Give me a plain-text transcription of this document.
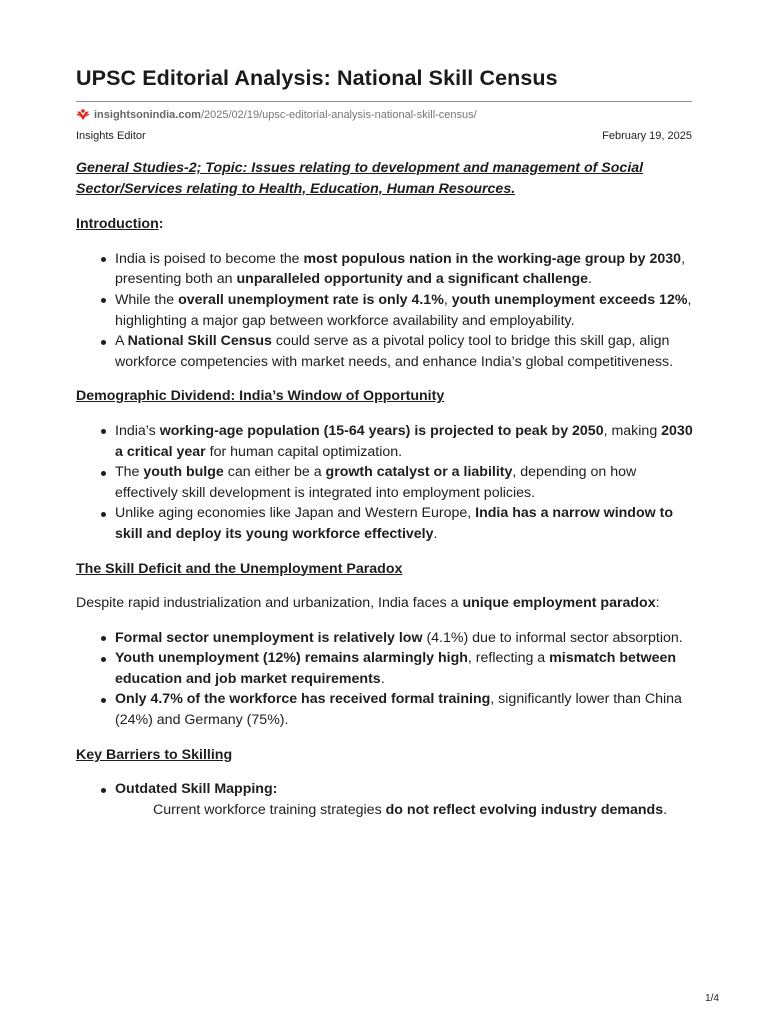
UPSC Editorial Analysis: National Skill Census
insightsonindia.com /2025/02/19/upsc-editorial-analysis-national-skill-census/
Insights Editor	February 19, 2025
General Studies-2; Topic: Issues relating to development and management of Social Sector/Services relating to Health, Education, Human Resources.
Introduction:
India is poised to become the most populous nation in the working-age group by 2030, presenting both an unparalleled opportunity and a significant challenge.
While the overall unemployment rate is only 4.1%, youth unemployment exceeds 12%, highlighting a major gap between workforce availability and employability.
A National Skill Census could serve as a pivotal policy tool to bridge this skill gap, align workforce competencies with market needs, and enhance India’s global competitiveness.
Demographic Dividend: India’s Window of Opportunity
India’s working-age population (15-64 years) is projected to peak by 2050, making 2030 a critical year for human capital optimization.
The youth bulge can either be a growth catalyst or a liability, depending on how effectively skill development is integrated into employment policies.
Unlike aging economies like Japan and Western Europe, India has a narrow window to skill and deploy its young workforce effectively.
The Skill Deficit and the Unemployment Paradox
Despite rapid industrialization and urbanization, India faces a unique employment paradox:
Formal sector unemployment is relatively low (4.1%) due to informal sector absorption.
Youth unemployment (12%) remains alarmingly high, reflecting a mismatch between education and job market requirements.
Only 4.7% of the workforce has received formal training, significantly lower than China (24%) and Germany (75%).
Key Barriers to Skilling
Outdated Skill Mapping:
Current workforce training strategies do not reflect evolving industry demands.
1/4
